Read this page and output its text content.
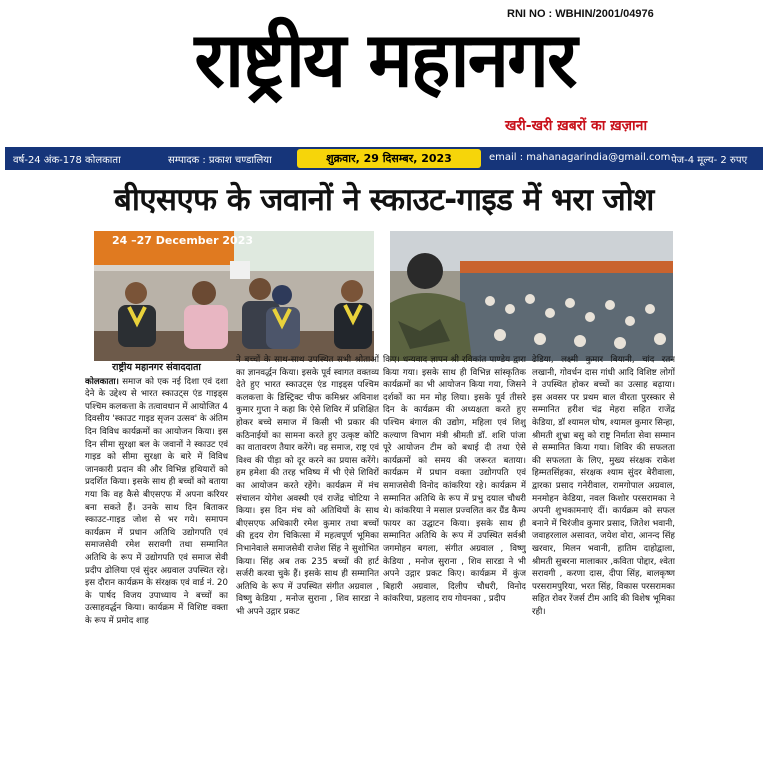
RNI NO : WBHIN/2001/04976
राष्ट्रीय महानगर
खरी-खरी ख़बरों का ख़ज़ाना
वर्ष-24 अंक-178 कोलकाता	सम्पादक : प्रकाश चण्डालिया	शुक्रवार, 29 दिसम्बर, 2023	email : mahanagarindia@gmail.com पेज-4 मूल्य- 2 रुपए
बीएसएफ के जवानों ने स्काउट-गाइड में भरा जोश
24 –27 December 2023
राष्ट्रीय महानगर संवाददाता
कोलकाता। समाज को एक नई दिशा एवं दशा देने के उद्देश्य से भारत स्काउट्स एंड गाइड्स पश्चिम कलकत्ता के तत्वावधान में आयोजित 4 दिवसीय 'स्काउट गाइड सृजन उत्सव' के अंतिम दिन विविध कार्यक्रमों का आयोजन किया। इस दिन सीमा सुरक्षा बल के जवानों ने स्काउट एवं गाइड को सीमा सुरक्षा के बारे में विविध जानकारी प्रदान की और विभिन्न हथियारों को प्रदर्शित किया। इसके साथ ही बच्चों को बताया गया कि वह कैसे बीएसएफ में अपना करियर बना सकते हैं। उनके साथ दिन बिताकर स्काउट-गाइड जोश से भर गये। समापन कार्यक्रम में प्रधान अतिथि उद्योगपति एवं समाजसेवी रमेश सरावगी तथा सम्मानित अतिथि के रूप में उद्योगपति एवं समाज सेवी प्रदीप ढोलिया एवं सुंदर अग्रवाल उपस्थित रहे। इस दौरान कार्यक्रम के संरक्षक एवं वार्ड नं. 20 के पार्षद विजय उपाध्याय ने बच्चों का उत्साहवर्द्धन किया। कार्यक्रम में विशिष्ट वक्ता के रूप में प्रमोद शाह
ने बच्चों के साथ-साथ उपस्थित सभी श्रोताओं का ज्ञानवर्द्धन किया। इसके पूर्व स्वागत वक्तव्य देते हुए भारत स्काउट्स एंड गाइड्स पश्चिम कलकत्ता के डिस्ट्रिक्ट चीफ कमिश्नर अविनाश कुमार गुप्ता ने कहा कि ऐसे शिविर में प्रशिक्षित होकर बच्चे समाज में किसी भी प्रकार की कठिनाईयों का सामना करते हुए उत्कृष्ट कोटि का वातावरण तैयार करेंगे। वह समाज, राष्ट्र एवं विश्व की पीड़ा को दूर करने का प्रयास करेंगे। हम हमेशा की तरह भविष्य में भी ऐसे शिविरों का आयोजन करते रहेंगे। कार्यक्रम में मंच संचालन योगेश अवस्थी एवं राजेंद्र चोटिया ने किया। इस दिन मंच को अतिथियों के साथ बीएसएफ अधिकारी रमेश कुमार तथा बच्चों की हृदय रोग चिकित्सा में महत्वपूर्ण भूमिका निभानेवाले समाजसेवी राजेश सिंह ने सुशोभित किया। सिंह अब तक 235 बच्चों की हार्ट सर्जरी करवा चुके हैं। इसके साथ ही सम्मानित अतिथि के रूप में उपस्थित संगीत अग्रवाल , विष्णु केडिया , मनोज सुराना , शिव सारडा ने भी अपने उद्गार प्रकट
किए। धन्यवाद ज्ञापन श्री रविकांत पाण्डेय द्वारा किया गया। इसके साथ ही विभिन्न सांस्कृतिक कार्यक्रमों का भी आयोजन किया गया, जिसने दर्शकों का मन मोह लिया। इसके पूर्व तीसरे दिन के कार्यक्रम की अध्यक्षता करते हुए पश्चिम बंगाल की उद्योग, महिला एवं शिशु कल्याण विभाग मंत्री श्रीमती डॉ. शशि पांजा पूरे आयोजन टीम को बधाई दी तथा ऐसे कार्यक्रमों को समय की जरूरत बताया। कार्यक्रम में प्रधान वक्ता उद्योगपति एवं समाजसेवी विनोद कांकरिया रहे। कार्यक्रम में सम्मानित अतिथि के रूप में प्रभु दयाल चौधरी थे। कांकरिया ने मसाल प्रज्वलित कर ग्रैंड कैम्प फायर का उद्घाटन किया। इसके साथ ही सम्मानित अतिथि के रूप में उपस्थित सर्वश्री जगमोहन बगला, संगीत अग्रवाल , विष्णु केडिया , मनोज सुराना , शिव सारडा ने भी अपने उद्गार प्रकट किए। कार्यक्रम में कुंज बिहारी अग्रवाल, दिलीप चौधरी, विनोद कांकरिया, प्रहलाद राय गोयनका , प्रदीप
ढेडिया, लक्ष्मी कुमार बियानी, चांद रतन लखानी, गोवर्धन दास गांधी आदि विशिष्ट लोगों ने उपस्थित होकर बच्चों का उत्साह बढ़ाया। इस अवसर पर प्रथम बाल वीरता पुरस्कार से सम्मानित हरीश चंद्र मेहरा सहित राजेंद्र केडिया, डॉ श्यामल घोष, श्यामल कुमार सिन्हा, श्रीमती शुभ्रा बसु को राष्ट्र निर्माता सेवा सम्मान से सम्मानित किया गया। शिविर की सफलता की सफलता के लिए, मुख्य संरक्षक राकेश हिम्मतसिंहका, संरक्षक श्याम सुंदर बेरीवाला, द्वारका प्रसाद गनेरीवाल, रामगोपाल अग्रवाल, मनमोहन केडिया, नवल किशोर परसरामका ने अपनी शुभकामनाएं दीं। कार्यक्रम को सफल बनाने में चिरंजीव कुमार प्रसाद, जितेश भवानी, जवाहरलाल असावत, जयेश वोरा, आनन्द सिंह खरवार, मिलन भवानी, हातिम दाहोद्वाला, श्रीमती सुबरना मालाकार ,कविता पोद्दार, श्वेता सरावगी , करणा दास, दीपा सिंह, बालकृष्ण परसरामपुरिया, भरत सिंह, विकास परसरामका सहित रोवर रेंजर्स टीम आदि की विशेष भूमिका रही।
